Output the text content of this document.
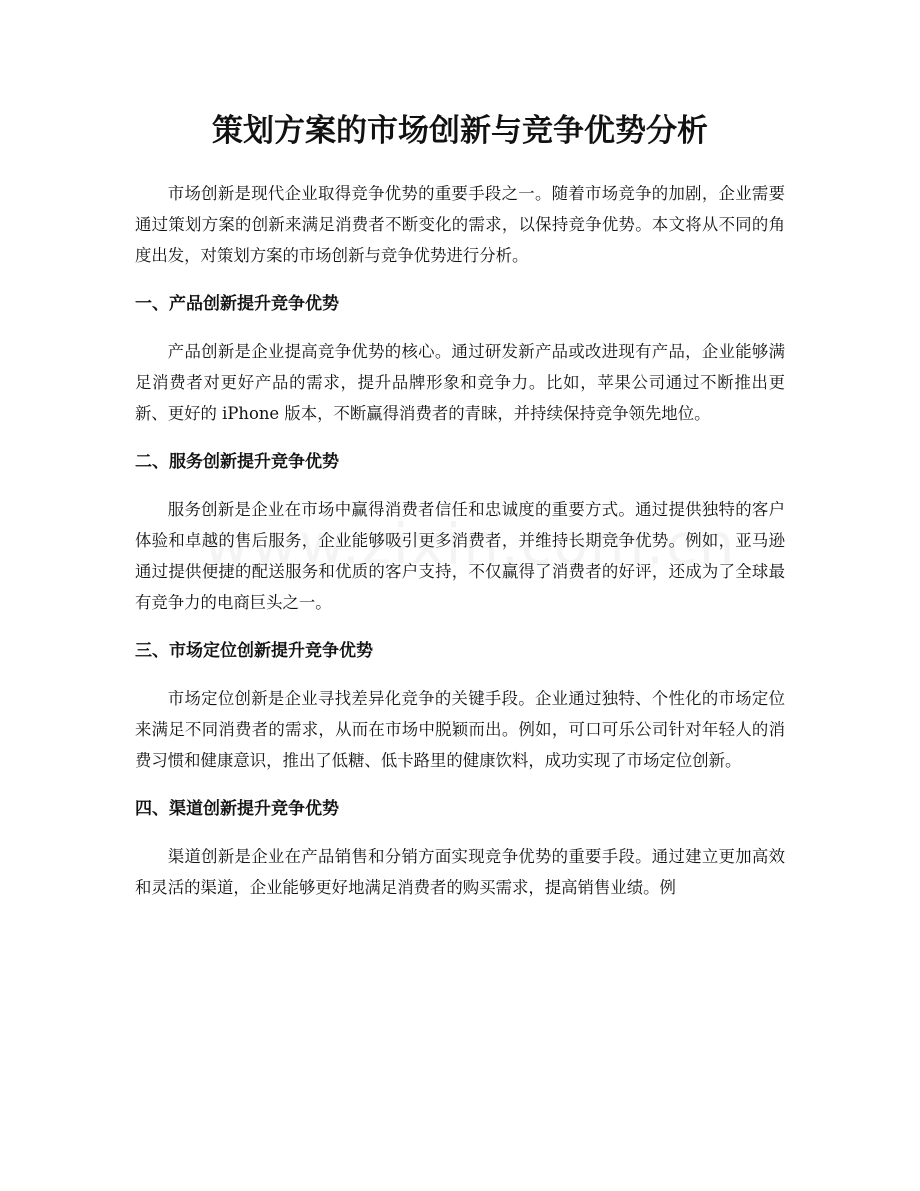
策划方案的市场创新与竞争优势分析

市场创新是现代企业取得竞争优势的重要手段之一。随着市场竞争的加剧，企业需要通过策划方案的创新来满足消费者不断变化的需求，以保持竞争优势。本文将从不同的角度出发，对策划方案的市场创新与竞争优势进行分析。

一、产品创新提升竞争优势

产品创新是企业提高竞争优势的核心。通过研发新产品或改进现有产品，企业能够满足消费者对更好产品的需求，提升品牌形象和竞争力。比如，苹果公司通过不断推出更新、更好的 iPhone 版本，不断赢得消费者的青睐，并持续保持竞争领先地位。

二、服务创新提升竞争优势

服务创新是企业在市场中赢得消费者信任和忠诚度的重要方式。通过提供独特的客户体验和卓越的售后服务，企业能够吸引更多消费者，并维持长期竞争优势。例如，亚马逊通过提供便捷的配送服务和优质的客户支持，不仅赢得了消费者的好评，还成为了全球最有竞争力的电商巨头之一。

三、市场定位创新提升竞争优势

市场定位创新是企业寻找差异化竞争的关键手段。企业通过独特、个性化的市场定位来满足不同消费者的需求，从而在市场中脱颖而出。例如，可口可乐公司针对年轻人的消费习惯和健康意识，推出了低糖、低卡路里的健康饮料，成功实现了市场定位创新。

四、渠道创新提升竞争优势

渠道创新是企业在产品销售和分销方面实现竞争优势的重要手段。通过建立更加高效和灵活的渠道，企业能够更好地满足消费者的购买需求，提高销售业绩。例
